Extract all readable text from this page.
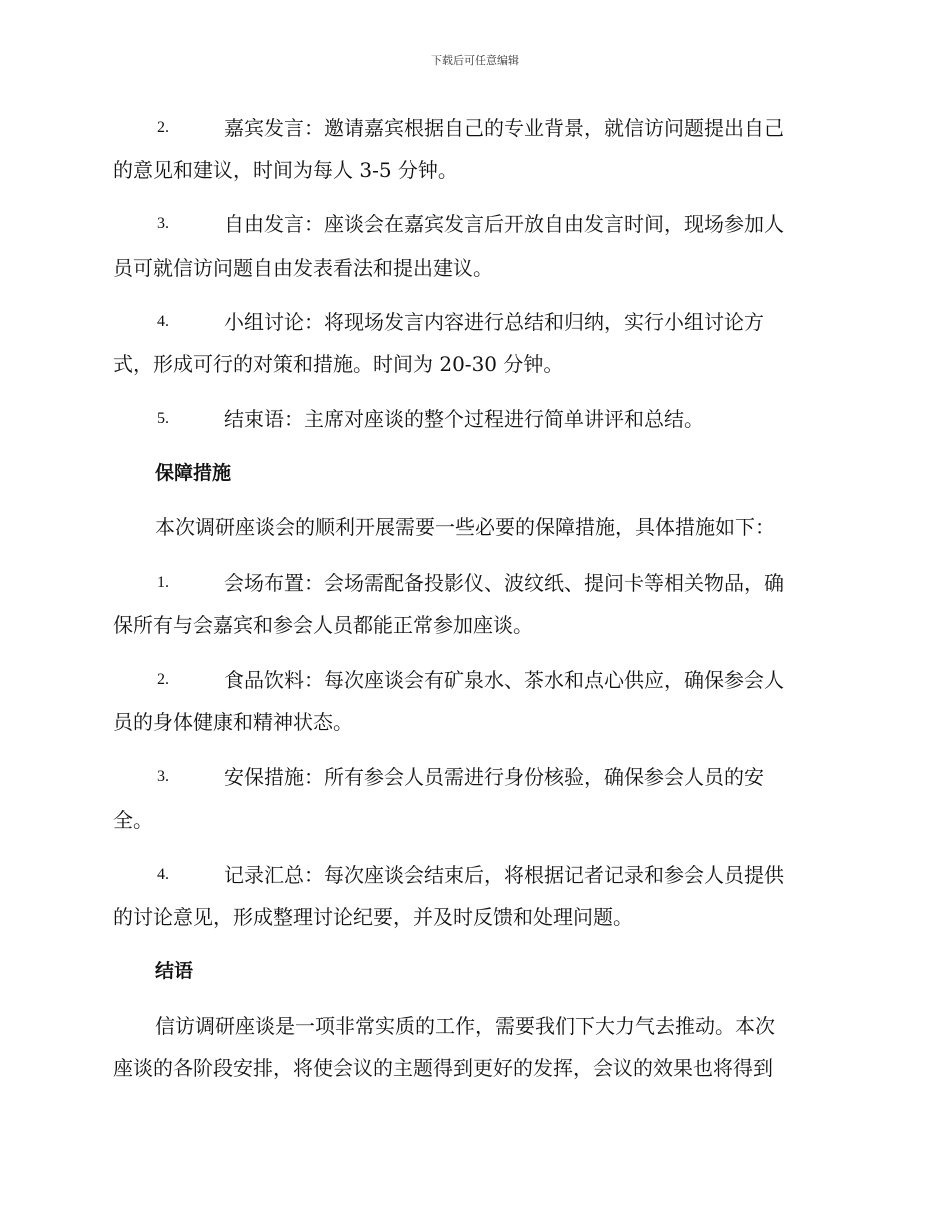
下载后可任意编辑
2.	嘉宾发言：邀请嘉宾根据自己的专业背景，就信访问题提出自己
的意见和建议，时间为每人 3-5 分钟。
3.	自由发言：座谈会在嘉宾发言后开放自由发言时间，现场参加人
员可就信访问题自由发表看法和提出建议。
4.	小组讨论：将现场发言内容进行总结和归纳，实行小组讨论方
式，形成可行的对策和措施。时间为 20-30 分钟。
5.	结束语：主席对座谈的整个过程进行简单讲评和总结。
保障措施
本次调研座谈会的顺利开展需要一些必要的保障措施，具体措施如下：
1.	会场布置：会场需配备投影仪、波纹纸、提问卡等相关物品，确
保所有与会嘉宾和参会人员都能正常参加座谈。
2.	食品饮料：每次座谈会有矿泉水、茶水和点心供应，确保参会人
员的身体健康和精神状态。
3.	安保措施：所有参会人员需进行身份核验，确保参会人员的安
全。
4.	记录汇总：每次座谈会结束后，将根据记者记录和参会人员提供
的讨论意见，形成整理讨论纪要，并及时反馈和处理问题。
结语
信访调研座谈是一项非常实质的工作，需要我们下大力气去推动。本次
座谈的各阶段安排，将使会议的主题得到更好的发挥，会议的效果也将得到
